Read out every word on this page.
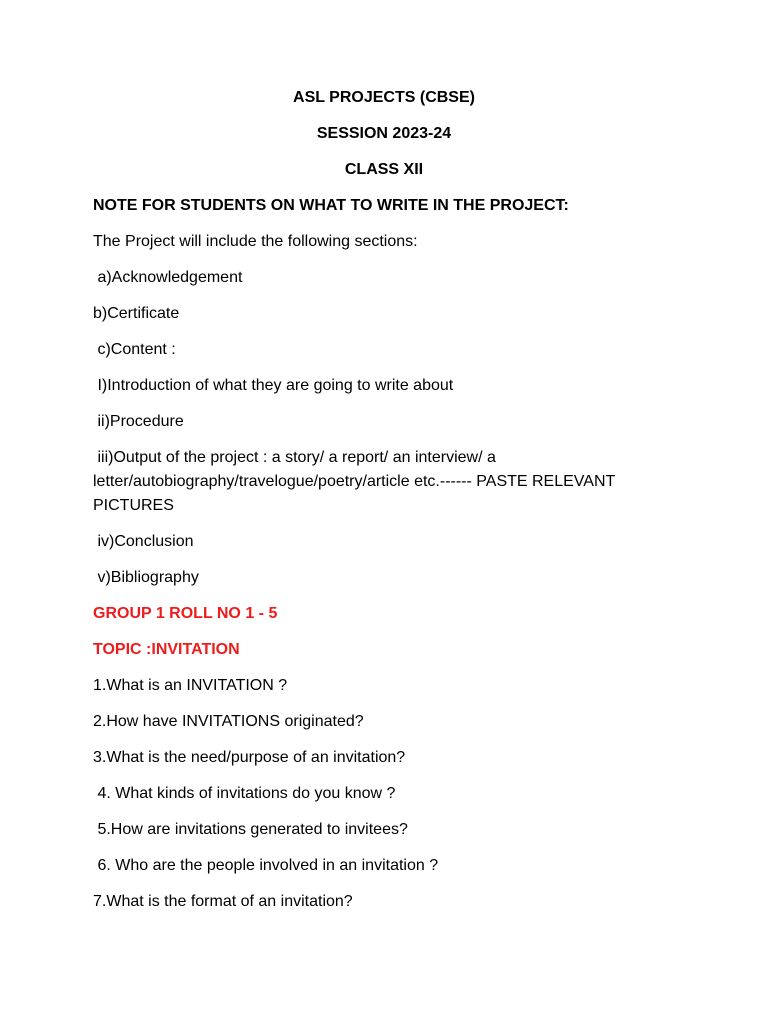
ASL PROJECTS (CBSE)

SESSION 2023-24

CLASS XII

NOTE FOR STUDENTS ON WHAT TO WRITE IN THE PROJECT:

The Project will include the following sections:

a)Acknowledgement

b)Certificate

c)Content :

I)Introduction of what they are going to write about

ii)Procedure

iii)Output of the project : a story/ a report/ an interview/ a letter/autobiography/travelogue/poetry/article etc.------ PASTE RELEVANT PICTURES

iv)Conclusion

v)Bibliography

GROUP 1 ROLL NO 1 - 5

TOPIC :INVITATION

1.What is an INVITATION ?

2.How have INVITATIONS originated?

3.What is the need/purpose of an invitation?

4. What kinds of invitations do you know ?

5.How are invitations generated to invitees?

6. Who are the people involved in an invitation ?

7.What is the format of an invitation?
